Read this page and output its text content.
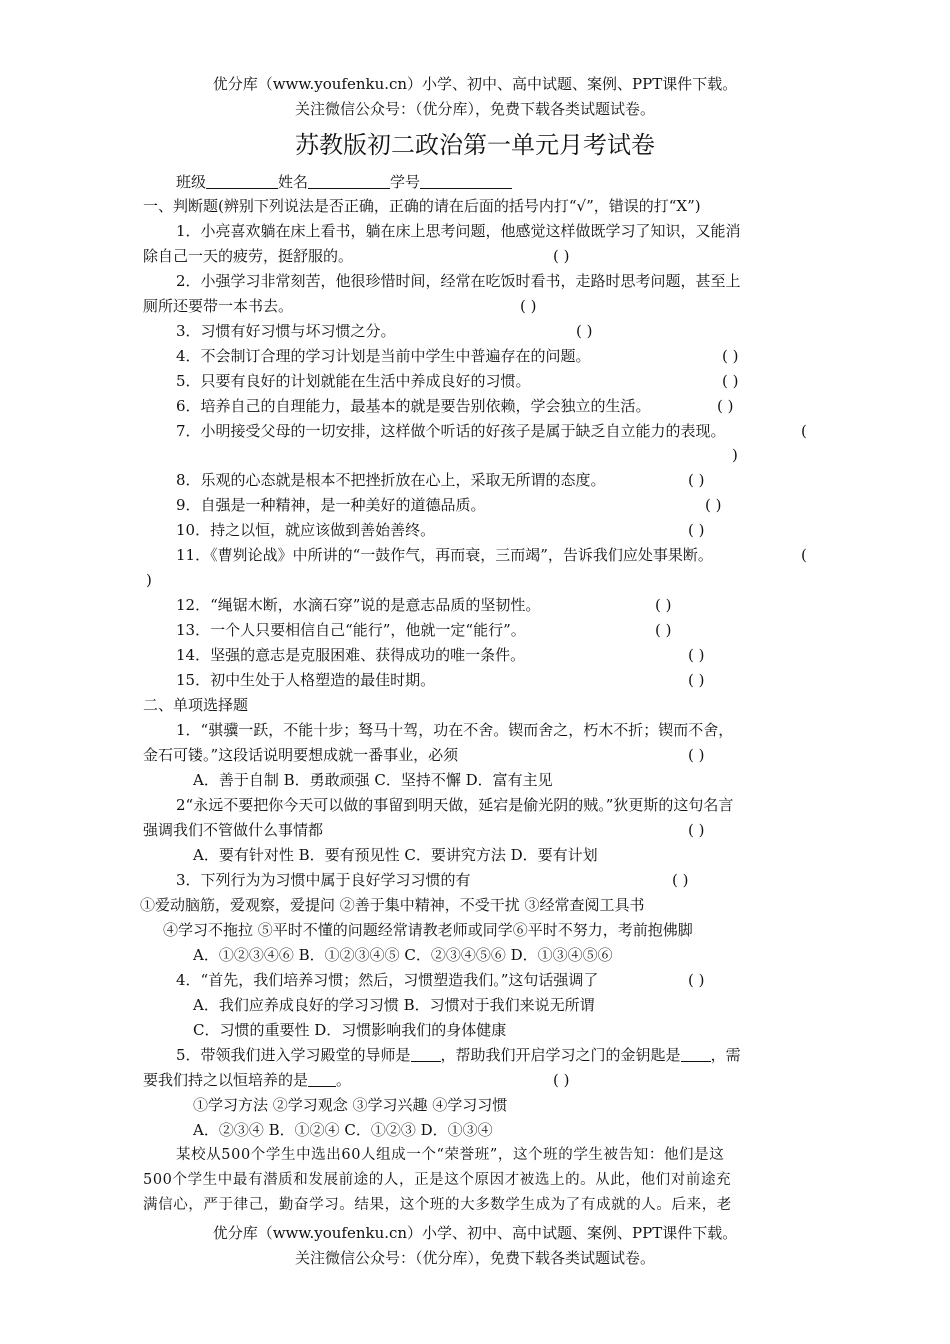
优分库（www.youfenku.cn）小学、初中、高中试题、案例、PPT课件下载。
关注微信公众号：（优分库），免费下载各类试题试卷。
苏教版初二政治第一单元月考试卷
班级	姓名	学号
一、判断题(辨别下列说法是否正确，正确的请在后面的括号内打“√”，错误的打“X”)
1．小亮喜欢躺在床上看书，躺在床上思考问题，他感觉这样做既学习了知识，又能消
除自己一天的疲劳，挺舒服的。	( )
2．小强学习非常刻苦，他很珍惜时间，经常在吃饭时看书，走路时思考问题，甚至上
厕所还要带一本书去。	( )
3．习惯有好习惯与坏习惯之分。	( )
4．不会制订合理的学习计划是当前中学生中普遍存在的问题。	( )
5．只要有良好的计划就能在生活中养成良好的习惯。	( )
6．培养自己的自理能力，最基本的就是要告别依赖，学会独立的生活。	( )
7．小明接受父母的一切安排，这样做个听话的好孩子是属于缺乏自立能力的表现。	(
)
8．乐观的心态就是根本不把挫折放在心上，采取无所谓的态度。	( )
9．自强是一种精神，是一种美好的道德品质。	( )
10．持之以恒，就应该做到善始善终。	( )
11．《曹刿论战》中所讲的“一鼓作气，再而衰，三而竭”，告诉我们应处事果断。	(
)
12．“绳锯木断，水滴石穿”说的是意志品质的坚韧性。	( )
13．一个人只要相信自己“能行”，他就一定“能行”。	( )
14．坚强的意志是克服困难、获得成功的唯一条件。	( )
15．初中生处于人格塑造的最佳时期。	( )
二、单项选择题
1．“骐骥一跃，不能十步；驽马十驾，功在不舍。锲而舍之，朽木不折；锲而不舍，
金石可镂。”这段话说明要想成就一番事业，必须	( )
A．善于自制 B．勇敢顽强 C．坚持不懈 D．富有主见
2“永远不要把你今天可以做的事留到明天做，延宕是偷光阴的贼。”狄更斯的这句名言
强调我们不管做什么事情都	( )
A．要有针对性 B．要有预见性 C．要讲究方法 D．要有计划
3．下列行为为习惯中属于良好学习习惯的有	( )
①爱动脑筋，爱观察，爱提问 ②善于集中精神，不受干扰 ③经常查阅工具书
④学习不拖拉 ⑤平时不懂的问题经常请教老师或同学⑥平时不努力，考前抱佛脚
A．①②③④⑥ B．①②③④⑤ C．②③④⑤⑥ D．①③④⑤⑥
4．“首先，我们培养习惯；然后，习惯塑造我们。”这句话强调了	( )
A．我们应养成良好的学习习惯 B．习惯对于我们来说无所谓
C．习惯的重要性 D．习惯影响我们的身体健康
5．带领我们进入学习殿堂的导师是 ，帮助我们开启学习之门的金钥匙是 ，需
要我们持之以恒培养的是 。	( )
①学习方法 ②学习观念 ③学习兴趣 ④学习习惯
A．②③④ B．①②④ C．①②③ D．①③④
某校从500个学生中选出60人组成一个“荣誉班”，这个班的学生被告知：他们是这
500个学生中最有潜质和发展前途的人，正是这个原因才被选上的。从此，他们对前途充
满信心，严于律己，勤奋学习。结果，这个班的大多数学生成为了有成就的人。后来，老
优分库（www.youfenku.cn）小学、初中、高中试题、案例、PPT课件下载。
关注微信公众号：（优分库），免费下载各类试题试卷。
